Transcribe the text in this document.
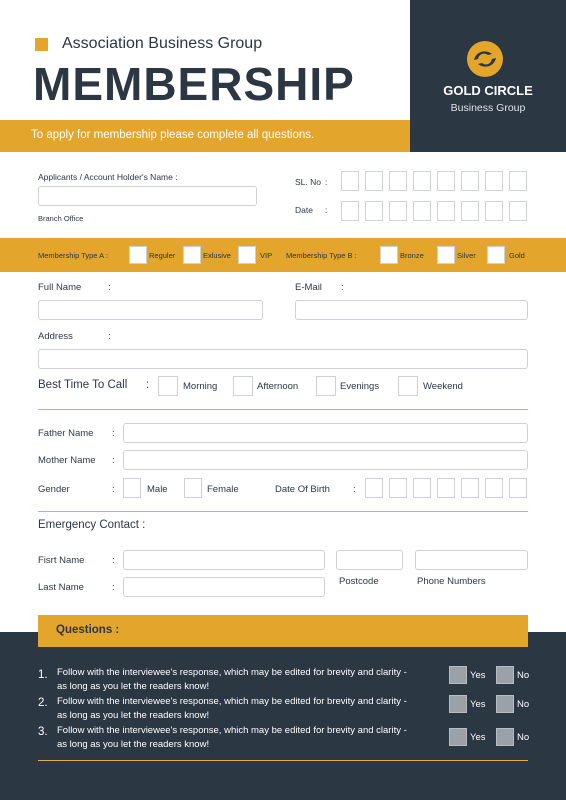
Association Business Group
MEMBERSHIP
To apply for membership please complete all questions.
GOLD CIRCLE
Business Group
Applicants / Account Holder's Name :
Branch Office
SL. No :
Date :
Membership Type A :	Reguler	Exlusive	VIP Membership Type B :	Bronze	Silver	Gold
Full Name	:	E-Mail :
Address	:
Best Time To Call :	Morning	Afternoon	Evenings	Weekend
Father Name :
Mother Name :
Gender	:	Male	Female	Date Of Birth :
Emergency Contact :
Fisrt Name	:
Last Name	:
Postcode	Phone Numbers
Questions :
1. Follow with the interviewee's response, which may be edited for brevity and clarity - as long as you let the readers know!
Yes	No
2. Follow with the interviewee's response, which may be edited for brevity and clarity - as long as you let the readers know!
Yes	No
3. Follow with the interviewee's response, which may be edited for brevity and clarity - as long as you let the readers know!
Yes	No
